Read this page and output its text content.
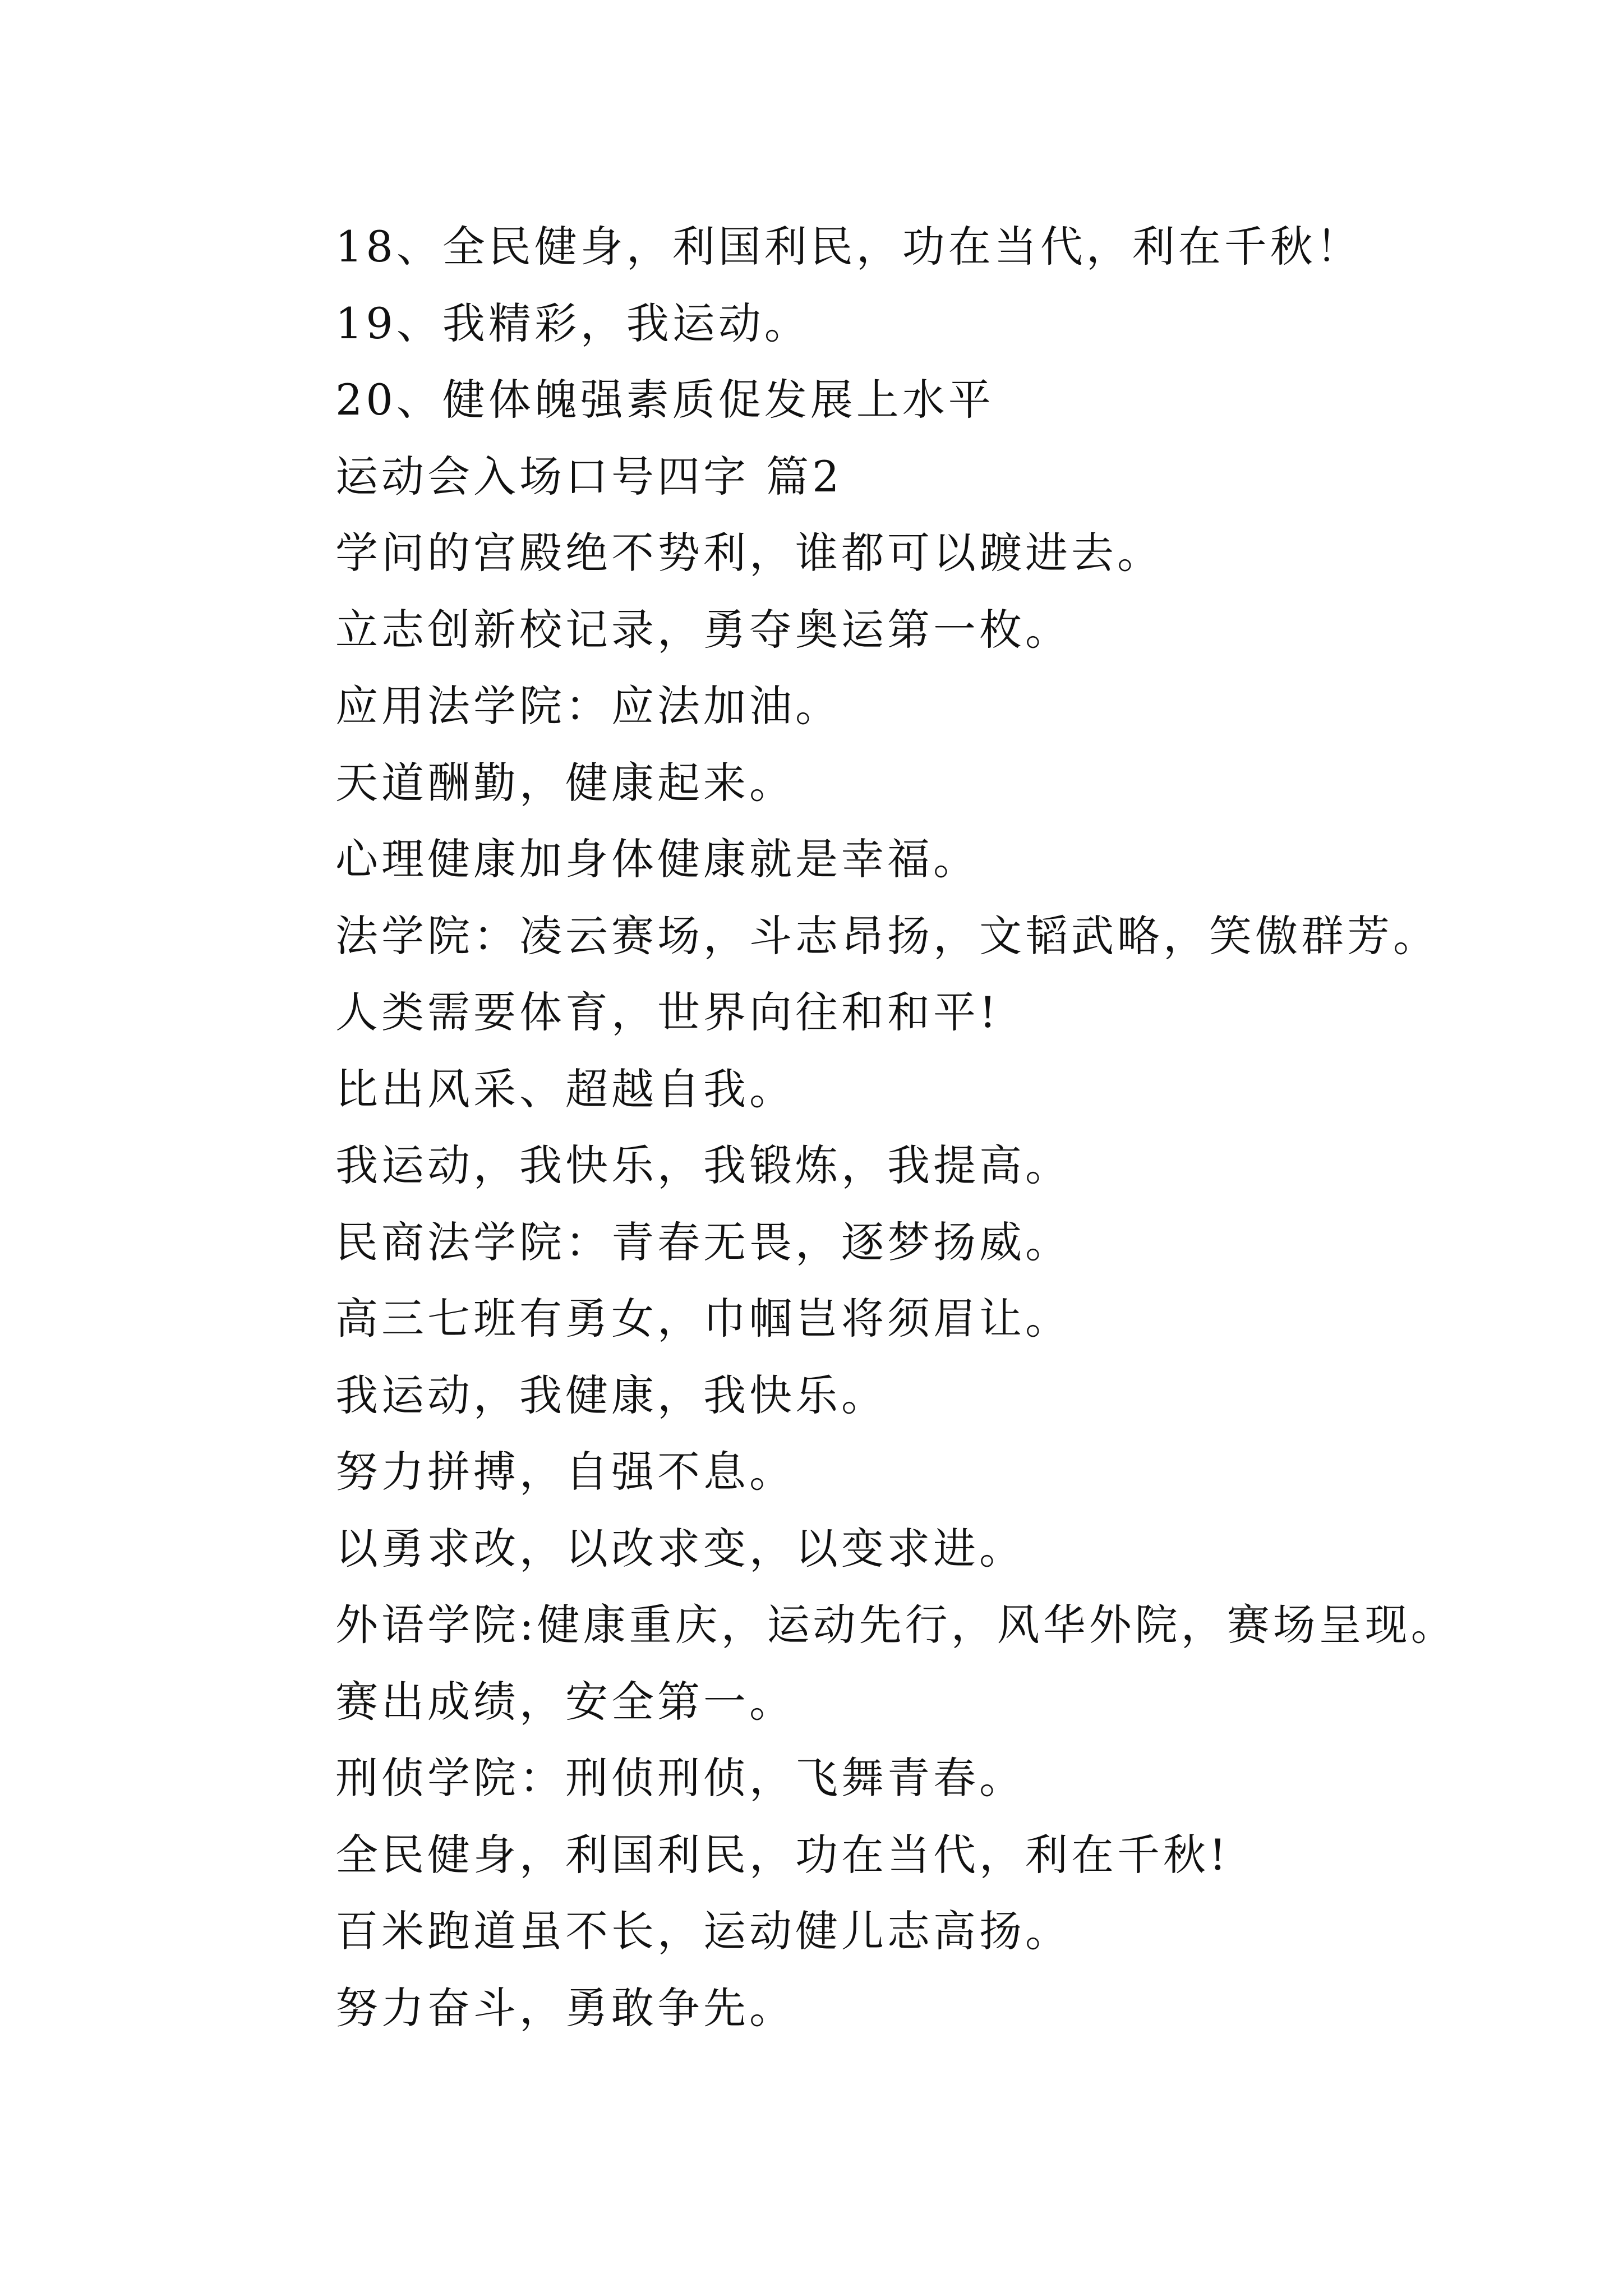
18、全民健身，利国利民，功在当代，利在千秋！
19、我精彩，我运动。
20、健体魄强素质促发展上水平
运动会入场口号四字 篇2
学问的宫殿绝不势利，谁都可以踱进去。
立志创新校记录，勇夺奥运第一枚。
应用法学院：应法加油。
天道酬勤，健康起来。
心理健康加身体健康就是幸福。
法学院：凌云赛场，斗志昂扬，文韬武略，笑傲群芳。
人类需要体育，世界向往和和平!
比出风采、超越自我。
我运动，我快乐，我锻炼，我提高。
民商法学院：青春无畏，逐梦扬威。
高三七班有勇女，巾帼岂将须眉让。
我运动，我健康，我快乐。
努力拼搏，自强不息。
以勇求改，以改求变，以变求进。
外语学院:健康重庆，运动先行，风华外院，赛场呈现。
赛出成绩，安全第一。
刑侦学院：刑侦刑侦，飞舞青春。
全民健身，利国利民，功在当代，利在千秋!
百米跑道虽不长，运动健儿志高扬。
努力奋斗，勇敢争先。
